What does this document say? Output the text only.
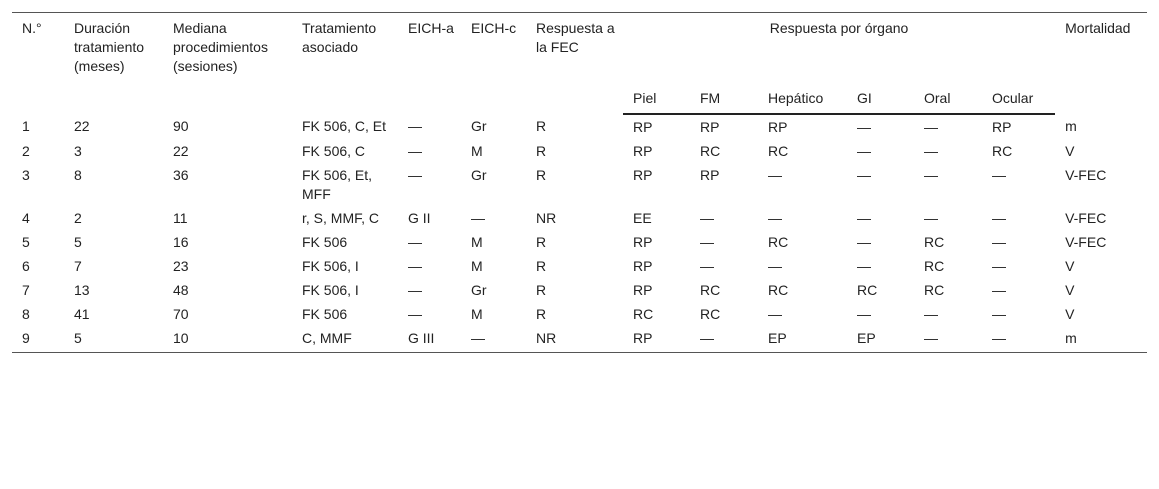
N.°	Duración tratamiento (meses)	Mediana procedimientos (sesiones)	Tratamiento asociado	EICH-a	EICH-c	Respuesta a la FEC	Respuesta por órgano						Mortalidad
							Piel	FM	Hepático	GI	Oral	Ocular	
1	22	90	FK 506, C, Et	—	Gr	R	RP	RP	RP	—	—	RP	m
2	3	22	FK 506, C	—	M	R	RP	RC	RC	—	—	RC	V
3	8	36	FK 506, Et, MFF	—	Gr	R	RP	RP	—	—	—	—	V-FEC
4	2	11	r, S, MMF, C	G II	—	NR	EE	—	—	—	—	—	V-FEC
5	5	16	FK 506	—	M	R	RP	—	RC	—	RC	—	V-FEC
6	7	23	FK 506, I	—	M	R	RP	—	—	—	RC	—	V
7	13	48	FK 506, I	—	Gr	R	RP	RC	RC	RC	RC	—	V
8	41	70	FK 506	—	M	R	RC	RC	—	—	—	—	V
9	5	10	C, MMF	G III	—	NR	RP	—	EP	EP	—	—	m
